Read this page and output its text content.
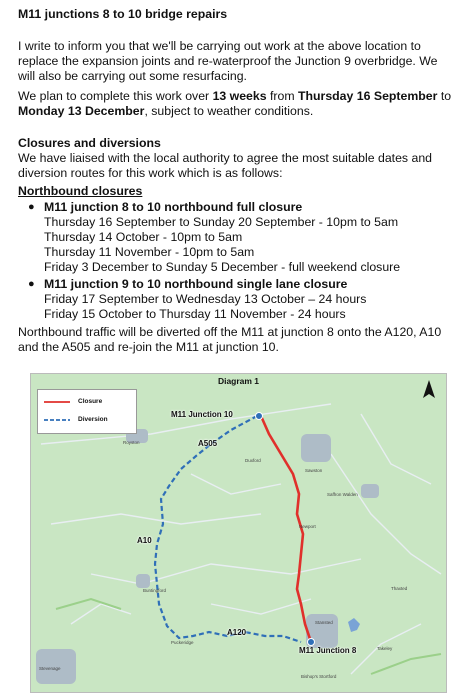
M11 junctions 8 to 10 bridge repairs
I write to inform you that we'll be carrying out work at the above location to replace the expansion joints and re-waterproof the Junction 9 overbridge. We will also be carrying out some resurfacing.
We plan to complete this work over 13 weeks from Thursday 16 September to Monday 13 December, subject to weather conditions.
Closures and diversions
We have liaised with the local authority to agree the most suitable dates and diversion routes for this work which is as follows:
Northbound closures
● M11 junction 8 to 10 northbound full closure
Thursday 16 September to Sunday 20 September - 10pm to 5am
Thursday 14 October - 10pm to 5am
Thursday 11 November - 10pm to 5am
Friday 3 December to Sunday 5 December - full weekend closure
● M11 junction 9 to 10 northbound single lane closure
Friday 17 September to Wednesday 13 October – 24 hours
Friday 15 October to Thursday 11 November - 24 hours
Northbound traffic will be diverted off the M11 at junction 8 onto the A120, A10 and the A505 and re-join the M11 at junction 10.
Diagram 1
Closure
Diversion
M11 Junction 10
M11 Junction 8
A505
A10
A120
Duxford
Sawston
Royston
Buntingford
Puckeridge
Bishop's Stortford
Saffron Walden
Stansted
Stevenage
Takeley
Newport
Thaxted
